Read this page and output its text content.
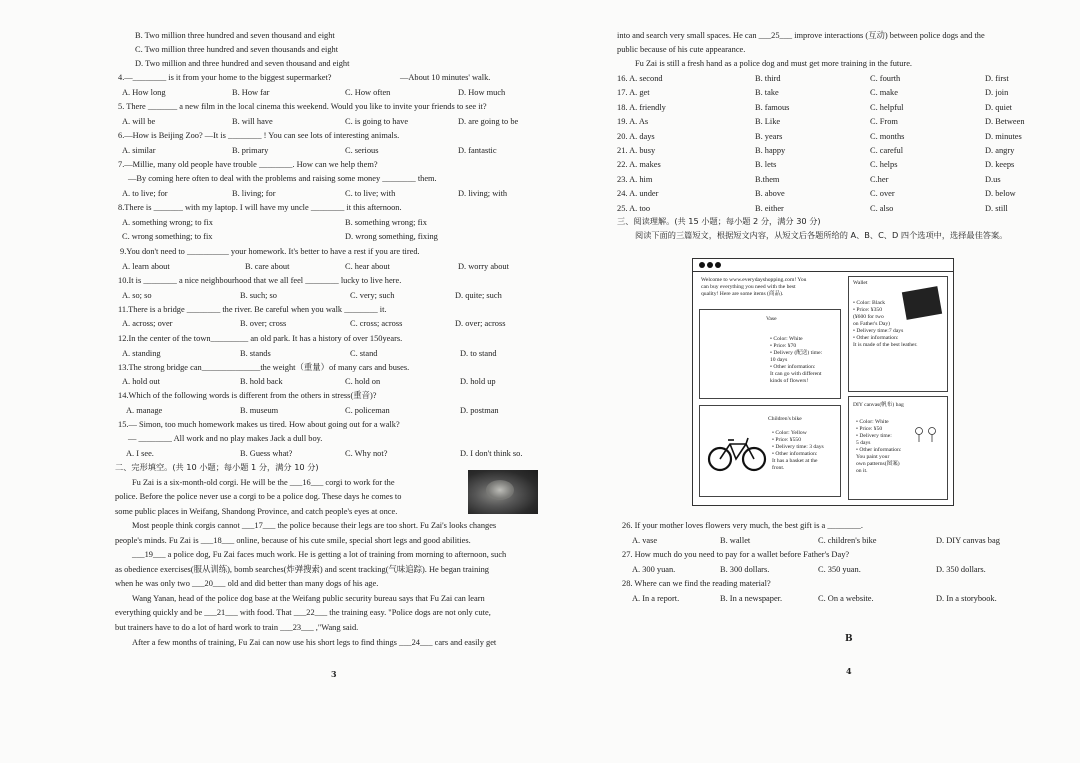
B. Two million three hundred and seven thousand and eight
C. Two million three hundred and seven thousands and eight
D. Two million and three hundred and seven thousand and eight
4.—________ is it from your home to the biggest supermarket?	—About 10 minutes' walk.
A. How long	B. How far	C. How often	D. How much
5. There _______ a new film in the local cinema this weekend. Would you like to invite your friends to see it?
A. will be	B. will have	C. is going to have	D. are going to be
6.—How is Beijing Zoo? —It is ________ ! You can see lots of interesting animals.
A. similar	B. primary	C. serious	D. fantastic
7.—Millie, many old people have trouble ________. How can we help them?
—By coming here often to deal with the problems and raising some money ________ them.
A. to live; for	B. living; for	C. to live; with	D. living; with
8.There is _______ with my laptop. I will have my uncle ________ it this afternoon.
A. something wrong; to fix	B. something wrong; fix
C. wrong something; to fix	D. wrong something, fixing
9.You don't need to __________ your homework. It's better to have a rest if you are tired.
A. learn about	B. care about	C. hear about	D. worry about
10.It is ________ a nice neighbourhood that we all feel ________ lucky to live here.
A. so; so	B. such; so	C. very; such	D. quite; such
11.There is a bridge ________ the river. Be careful when you walk ________ it.
A. across; over	B. over; cross	C. cross; across	D. over; across
12.In the center of the town_________ an old park. It has a history of over 150years.
A. standing	B. stands	C. stand	D. to stand
13.The strong bridge can______________the weight（重量）of many cars and buses.
A. hold out	B. hold back	C. hold on	D. hold up
14.Which of the following words is different from the others in stress(重音)?
A. manage	B. museum	C. policeman	D. postman
15.— Simon, too much homework makes us tired. How about going out for a walk?
— ________ All work and no play makes Jack a dull boy.
A. I see.	B. Guess what?	C. Why not?	D. I don't think so.
二、完形填空。(共 10 小题；每小题 1 分，满分 10 分)
Fu Zai is a six-month-old corgi. He will be the ___16___ corgi to work for the
police. Before the police never use a corgi to be a police dog. These days he comes to
some public places in Weifang, Shandong Province, and catch people's eyes at once.
Most people think corgis cannot ___17___ the police because their legs are too short. Fu Zai's looks changes
people's minds. Fu Zai is ___18___ online, because of his cute smile, special short legs and good abilities.
___19___ a police dog, Fu Zai faces much work. He is getting a lot of training from morning to afternoon, such
as obedience exercises(服从训练), bomb searches(炸弹搜索) and scent tracking(气味追踪). He began training
when he was only two ___20___ old and did better than many dogs of his age.
Wang Yanan, head of the police dog base at the Weifang public security bureau says that Fu Zai can learn
everything quickly and be ___21___ with food. That ___22___ the training easy. "Police dogs are not only cute,
but trainers have to do a lot of hard work to train ___23___ ,"Wang said.
After a few months of training, Fu Zai can now use his short legs to find things ___24___ cars and easily get
3
into and search very small spaces. He can ___25___ improve interactions (互动) between police dogs and the
public because of his cute appearance.
Fu Zai is still a fresh hand as a police dog and must get more training in the future.
16. A. second	B. third	C. fourth	D. first
17. A. get	B. take	C. make	D. join
18. A. friendly	B. famous	C. helpful	D. quiet
19. A. As	B. Like	C. From	D. Between
20. A. days	B. years	C. months	D. minutes
21. A. busy	B. happy	C. careful	D. angry
22. A. makes	B. lets	C. helps	D. keeps
23. A. him	B.them	C.her	D.us
24. A. under	B. above	C. over	D. below
25. A. too	B. either	C. also	D. still
三、阅读理解。(共 15 小题；每小题 2 分，满分 30 分)
阅读下面的三篇短文，根据短文内容，从短文后各题所给的 A、B、C、D 四个选项中，选择最佳答案。
Welcome to www.everydayshopping.com! You
can buy everything you need with the best
quality! Here are some items (商品).
Wallet
• Color: Black
• Price: ¥350
(¥600 for two
on Father's Day)
• Delivery time:7 days
• Other information:
It is made of the best leather.
Vase
• Color: White
• Price: ¥70
• Delivery (配送) time:
10 days
• Other information:
It can go with different
kinds of flowers!
DIY canvas(帆布) bag
• Color: White
• Price: ¥50
• Delivery time:
5 days
• Other information:
You paint your
own patterns(图案)
on it.
Children's bike
• Color: Yellow
• Price: ¥550
• Delivery time: 3 days
• Other information:
It has a basket at the
front.
26. If your mother loves flowers very much, the best gift is a ________.
A. vase	B. wallet	C. children's bike	D. DIY canvas bag
27. How much do you need to pay for a wallet before Father's Day?
A. 300 yuan.	B. 300 dollars.	C. 350 yuan.	D. 350 dollars.
28. Where can we find the reading material?
A. In a report.	B. In a newspaper.	C. On a website.	D. In a storybook.
B
4
